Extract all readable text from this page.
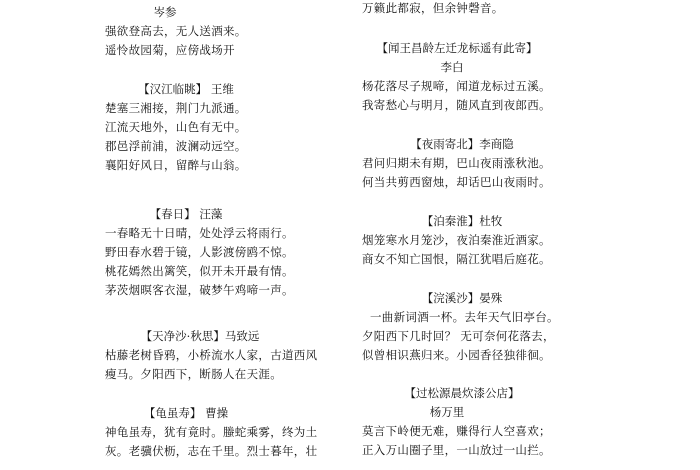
岑参
强欲登高去，无人送酒来。
遥怜故园菊，应傍战场开
【汉江临眺】 王维
楚塞三湘接，荆门九派通。
江流天地外，山色有无中。
郡邑浮前浦，波澜动远空。
襄阳好风日，留醉与山翁。
【春日】 汪藻
一春略无十日晴，处处浮云将雨行。
野田春水碧于镜，人影渡傍鸥不惊。
桃花嫣然出篱笑，似开未开最有情。
茅茨烟暝客衣湿，破梦午鸡啼一声。
【天净沙·秋思】马致远
枯藤老树昏鸦，小桥流水人家，古道西风
瘦马。夕阳西下，断肠人在天涯。
【龟虽寿】 曹操
神龟虽寿，犹有竟时。螣蛇乘雾，终为土
灰。老骥伏枥，志在千里。烈士暮年，壮
万籁此都寂，但余钟磬音。
【闻王昌龄左迁龙标遥有此寄】
李白
杨花落尽子规啼，闻道龙标过五溪。
我寄愁心与明月，随风直到夜郎西。
【夜雨寄北】李商隐
君问归期未有期，巴山夜雨涨秋池。
何当共剪西窗烛，却话巴山夜雨时。
【泊秦淮】杜牧
烟笼寒水月笼沙，夜泊秦淮近酒家。
商女不知亡国恨，隔江犹唱后庭花。
【浣溪沙】晏殊
一曲新词酒一杯。去年天气旧亭台。
夕阳西下几时回？ 无可奈何花落去，
似曾相识燕归来。小园香径独徘徊。
【过松源晨炊漆公店】
杨万里
莫言下岭便无难，赚得行人空喜欢；
正入万山圈子里，一山放过一山拦。
